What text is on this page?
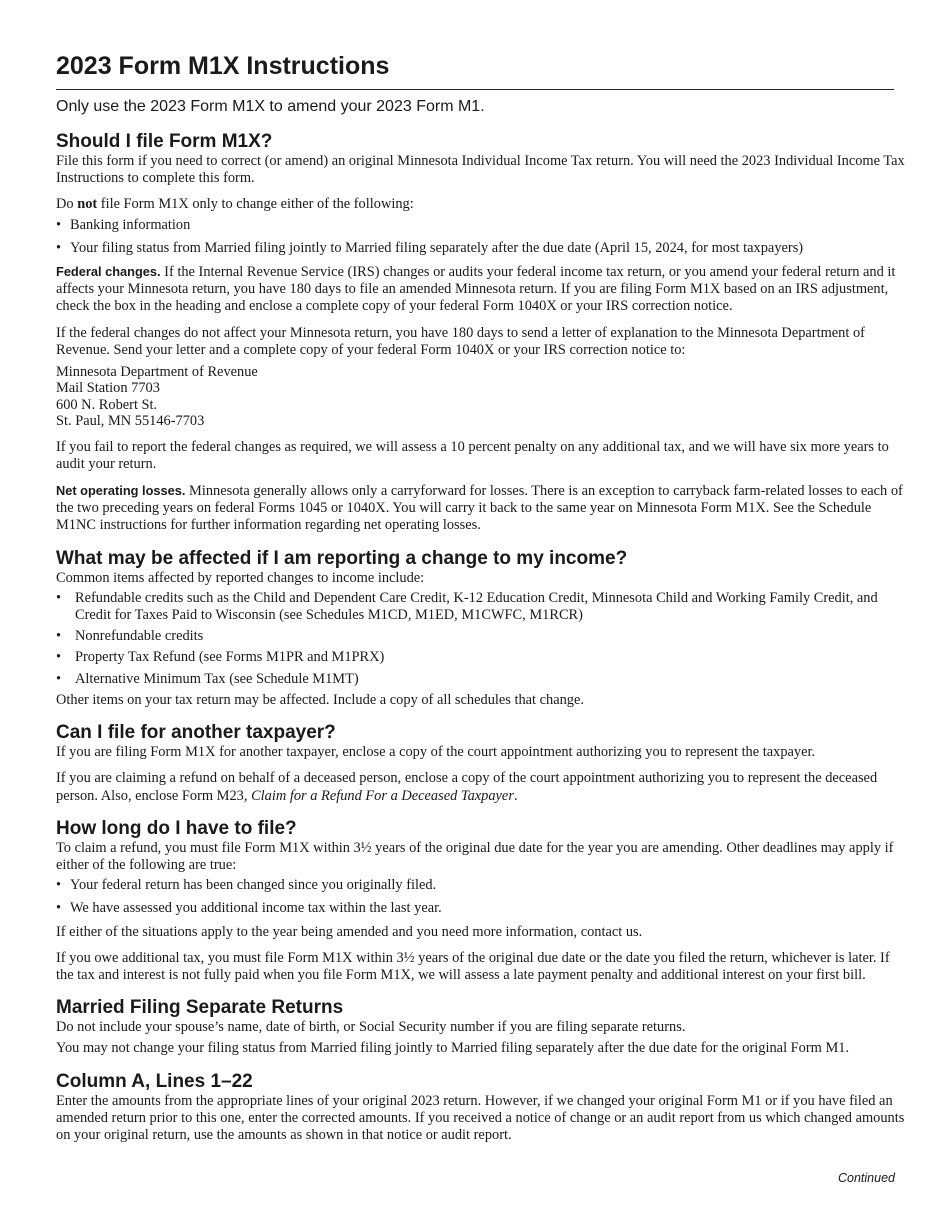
2023 Form M1X Instructions
Only use the 2023 Form M1X to amend your 2023 Form M1.
Should I file Form M1X?

File this form if you need to correct (or amend) an original Minnesota Individual Income Tax return. You will need the 2023 Individual Income Tax Instructions to complete this form.

Do not file Form M1X only to change either of the following:

• Banking information
• Your filing status from Married filing jointly to Married filing separately after the due date (April 15, 2024, for most taxpayers)

Federal changes. If the Internal Revenue Service (IRS) changes or audits your federal income tax return, or you amend your federal return and it affects your Minnesota return, you have 180 days to file an amended Minnesota return. If you are filing Form M1X based on an IRS adjustment, check the box in the heading and enclose a complete copy of your federal Form 1040X or your IRS correction notice.

If the federal changes do not affect your Minnesota return, you have 180 days to send a letter of explanation to the Minnesota Department of Revenue. Send your letter and a complete copy of your federal Form 1040X or your IRS correction notice to:

Minnesota Department of Revenue
Mail Station 7703
600 N. Robert St.
St. Paul, MN 55146-7703

If you fail to report the federal changes as required, we will assess a 10 percent penalty on any additional tax, and we will have six more years to audit your return.

Net operating losses. Minnesota generally allows only a carryforward for losses. There is an exception to carryback farm-related losses to each of the two preceding years on federal Forms 1045 or 1040X. You will carry it back to the same year on Minnesota Form M1X. See the Schedule M1NC instructions for further information regarding net operating losses.

What may be affected if I am reporting a change to my income?

Common items affected by reported changes to income include:

• Refundable credits such as the Child and Dependent Care Credit, K-12 Education Credit, Minnesota Child and Working Family Credit, and Credit for Taxes Paid to Wisconsin (see Schedules M1CD, M1ED, M1CWFC, M1RCR)
• Nonrefundable credits
• Property Tax Refund (see Forms M1PR and M1PRX)
• Alternative Minimum Tax (see Schedule M1MT)

Other items on your tax return may be affected. Include a copy of all schedules that change.

Can I file for another taxpayer?

If you are filing Form M1X for another taxpayer, enclose a copy of the court appointment authorizing you to represent the taxpayer.

If you are claiming a refund on behalf of a deceased person, enclose a copy of the court appointment authorizing you to represent the deceased person. Also, enclose Form M23, Claim for a Refund For a Deceased Taxpayer.

How long do I have to file?

To claim a refund, you must file Form M1X within 3½ years of the original due date for the year you are amending. Other deadlines may apply if either of the following are true:

• Your federal return has been changed since you originally filed.
• We have assessed you additional income tax within the last year.

If either of the situations apply to the year being amended and you need more information, contact us.

If you owe additional tax, you must file Form M1X within 3½ years of the original due date or the date you filed the return, whichever is later. If the tax and interest is not fully paid when you file Form M1X, we will assess a late payment penalty and additional interest on your first bill.

Married Filing Separate Returns

Do not include your spouse’s name, date of birth, or Social Security number if you are filing separate returns.

You may not change your filing status from Married filing jointly to Married filing separately after the due date for the original Form M1.

Column A, Lines 1–22

Enter the amounts from the appropriate lines of your original 2023 return. However, if we changed your original Form M1 or if you have filed an amended return prior to this one, enter the corrected amounts. If you received a notice of change or an audit report from us which changed amounts on your original return, use the amounts as shown in that notice or audit report.

Continued
